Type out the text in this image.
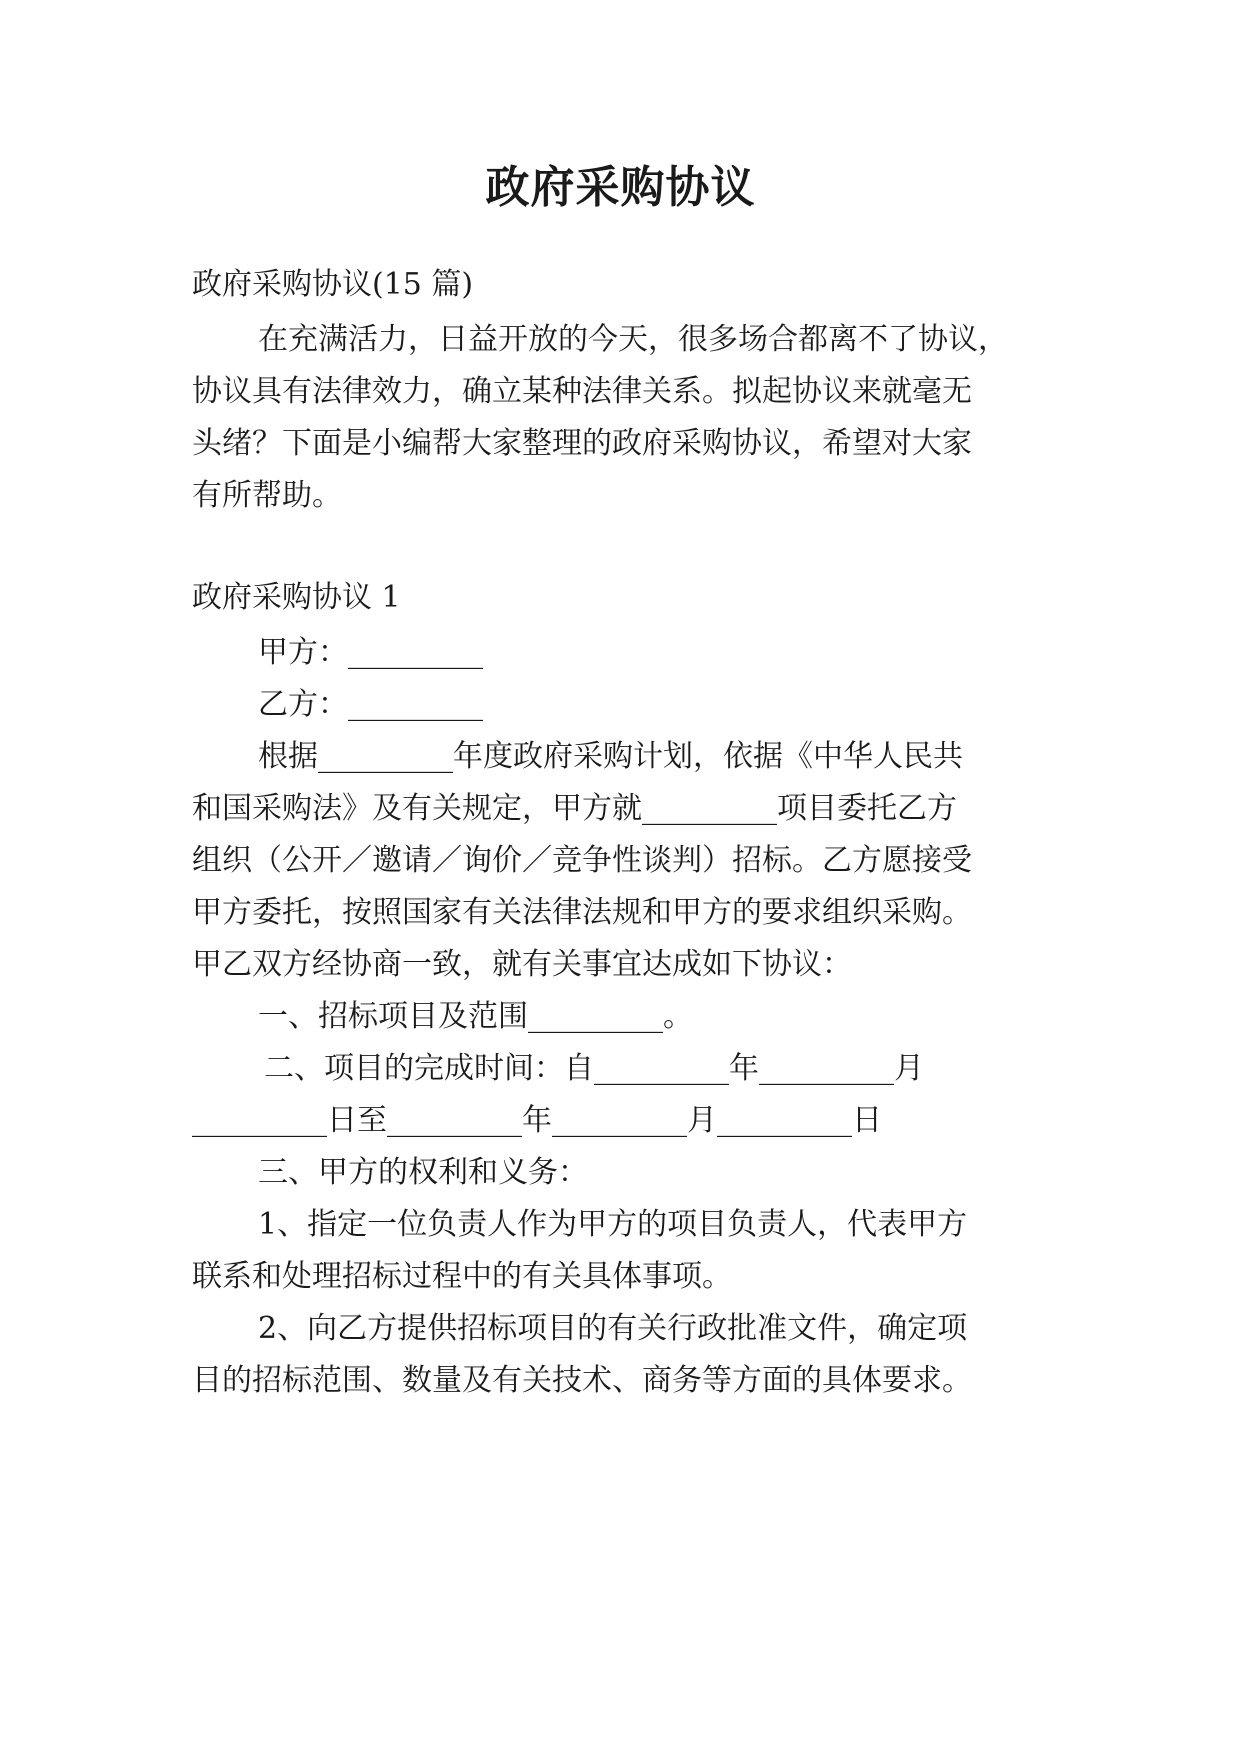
政府采购协议
政府采购协议(15 篇)
在充满活力，日益开放的今天，很多场合都离不了协议，
协议具有法律效力，确立某种法律关系。拟起协议来就毫无
头绪？下面是小编帮大家整理的政府采购协议，希望对大家
有所帮助。
政府采购协议 1
甲方：_________
乙方：_________
根据_________年度政府采购计划，依据《中华人民共
和国采购法》及有关规定，甲方就_________项目委托乙方
组织（公开／邀请／询价／竞争性谈判）招标。乙方愿接受
甲方委托，按照国家有关法律法规和甲方的要求组织采购。
甲乙双方经协商一致，就有关事宜达成如下协议：
一、招标项目及范围_________。
二、项目的完成时间：自_________年_________月
_________日至_________年_________月_________日
三、甲方的权利和义务：
1、指定一位负责人作为甲方的项目负责人，代表甲方
联系和处理招标过程中的有关具体事项。
2、向乙方提供招标项目的有关行政批准文件，确定项
目的招标范围、数量及有关技术、商务等方面的具体要求。
